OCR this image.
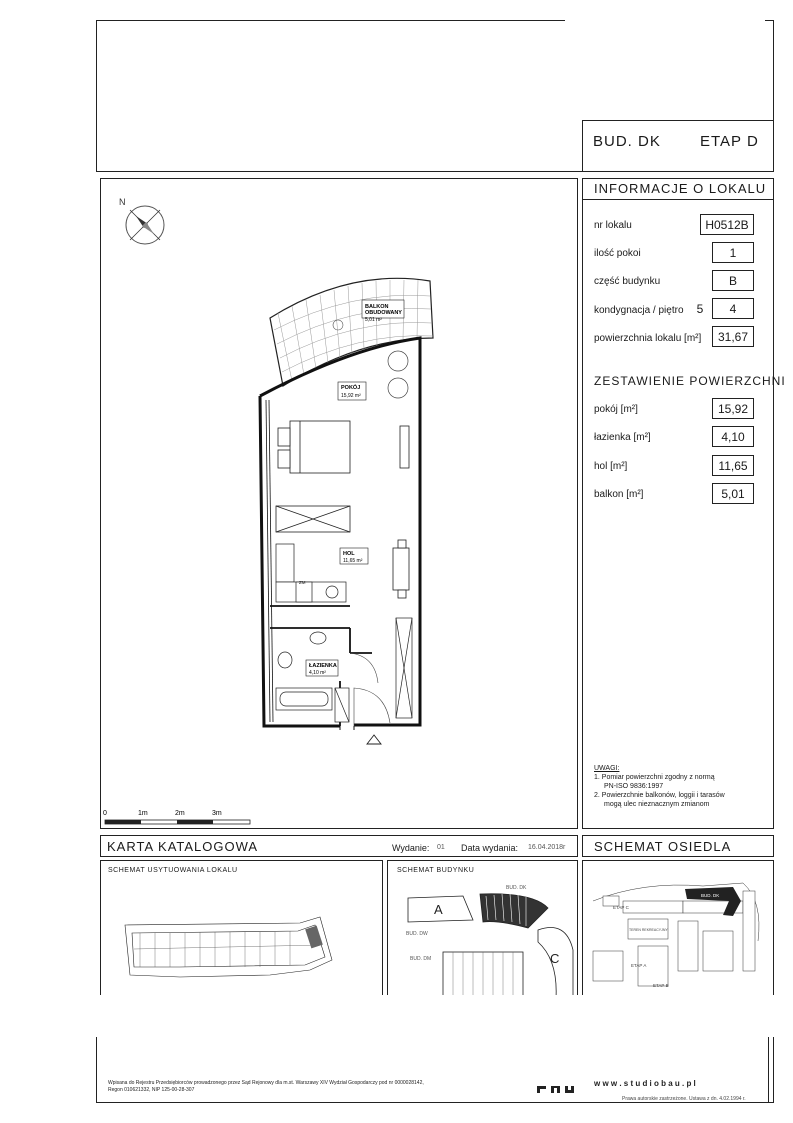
BUD. DK	ETAP D
INFORMACJE O LOKALU
nr lokalu	H0512B
ilość pokoi	1
część budynku	B
kondygnacja / piętro	5	4
powierzchnia lokalu [m²]	31,67
ZESTAWIENIE POWIERZCHNI
pokój [m²]	15,92
łazienka [m²]	4,10
hol [m²]	11,65
balkon [m²]	5,01
UWAGI:
1. Pomiar powierzchni zgodny z normą
PN-ISO 9836:1997
2. Powierzchnie balkonów, loggii i tarasów
mogą ulec nieznacznym zmianom
N
BALKON
OBUDOWANY
5,01 m²
POKÓJ
15,92 m²
HOL
11,65 m²
ZM
ŁAZIENKA
4,10 m²
0	1m	2m	3m
KARTA KATALOGOWA	Wydanie: 01 Data wydania: 16.04.2018r SCHEMAT OSIEDLA
SCHEMAT USYTUOWANIA LOKALU	SCHEMAT BUDYNKU
A
BUD. DK
C
BUD. DW
BUD. DM
BUD. DK
TEREN REKREACYJNY
ETAP A
ETAP B
ETAP C
Wpisana do Rejestru Przedsiębiorców prowadzonego przez Sąd Rejonowy dla m.st. Warszawy XIV Wydział Gospodarczy pod nr 0000028142,
Regon 010621332, NIP 125-00-28-307
w w w . s t u d i o b a u . p l
Prawa autorskie zastrzeżone. Ustawa z dn. 4.02.1994 r.
